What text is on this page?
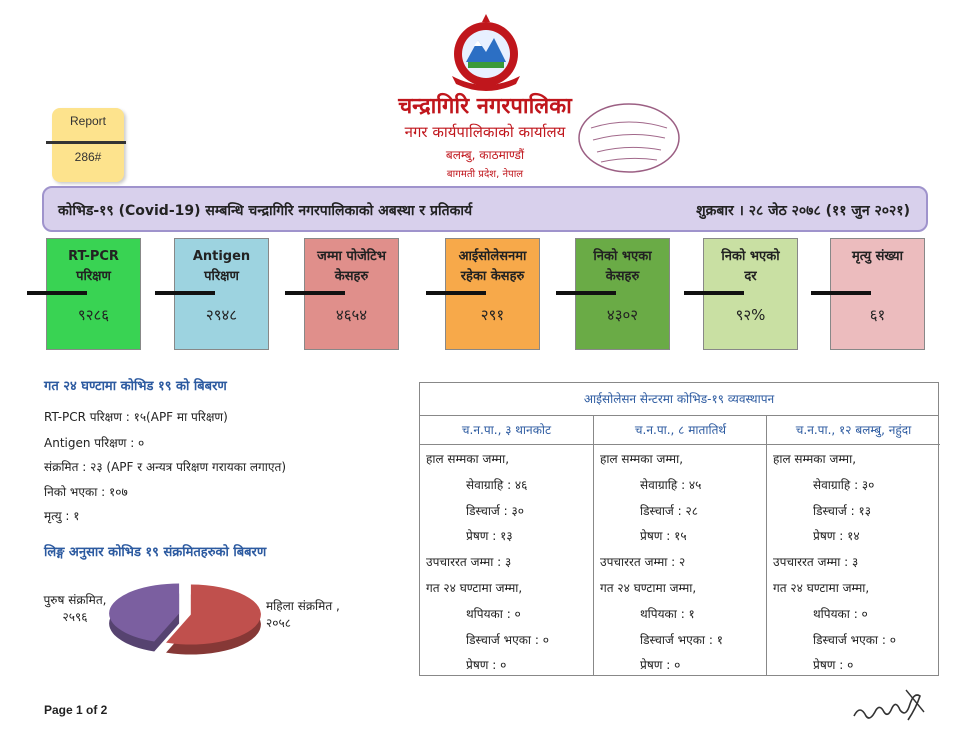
चन्द्रागिरि नगरपालिका
नगर कार्यपालिकाको कार्यालय
बलम्बु, काठमाण्डौं
बागमती प्रदेश, नेपाल
Report
286#
कोभिड-१९ (Covid-19) सम्बन्धि चन्द्रागिरि नगरपालिकाको अबस्था र प्रतिकार्य	शुक्रबार । २८ जेठ २०७८ (११ जुन २०२१)
RT-PCR
परिक्षण
९२८६
Antigen
परिक्षण
२९४८
जम्मा पोजेटिभ
केसहरु
४६५४
आईसोलेसनमा
रहेका केसहरु
२९१
निको भएका
केसहरु
४३०२
निको भएको
दर
९२%
मृत्यु संख्या
६१
गत २४ घण्टामा कोभिड १९ को बिबरण
RT-PCR परिक्षण : १५(APF मा परिक्षण)
Antigen परिक्षण : ०
संक्रमित : २३ (APF र अन्यत्र परिक्षण गरायका लगाएत)
निको भएका : १०७
मृत्यु : १
लिङ्ग अनुसार कोभिड १९ संक्रमितहरुको बिबरण
पुरुष संक्रमित, २५९६
महिला संक्रमित , २०५८
आईसोलेसन सेन्टरमा कोभिड-१९ व्यवस्थापन
च.न.पा., ३ थानकोट
हाल सम्मका जम्मा,
सेवाग्राहि : ४६
डिस्चार्ज : ३०
प्रेषण : १३
उपचाररत जम्मा : ३
गत २४ घण्टामा जम्मा,
थपियका : ०
डिस्चार्ज भएका : ०
प्रेषण : ०
च.न.पा., ८ मातातिर्थ
हाल सम्मका जम्मा,
सेवाग्राहि : ४५
डिस्चार्ज : २८
प्रेषण : १५
उपचाररत जम्मा : २
गत २४ घण्टामा जम्मा,
थपियका : १
डिस्चार्ज भएका : १
प्रेषण : ०
च.न.पा., १२ बलम्बु, नहुंदा
हाल सम्मका जम्मा,
सेवाग्राहि : ३०
डिस्चार्ज : १३
प्रेषण : १४
उपचाररत जम्मा : ३
गत २४ घण्टामा जम्मा,
थपियका : ०
डिस्चार्ज भएका : ०
प्रेषण : ०
Page 1 of 2
